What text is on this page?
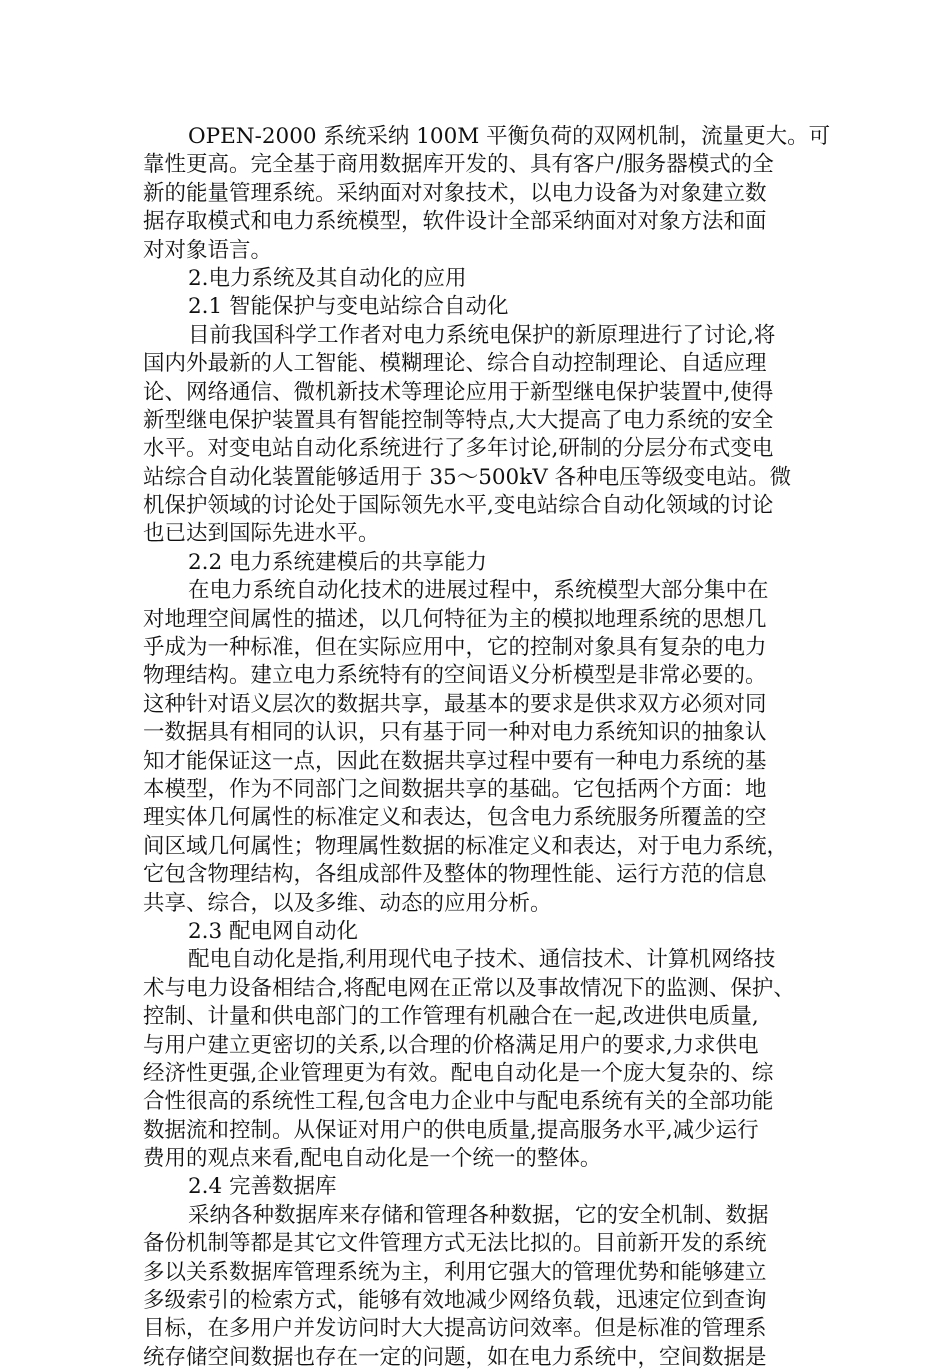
OPEN-2000 系统采纳 100M 平衡负荷的双网机制，流量更大。可
靠性更高。完全基于商用数据库开发的、具有客户/服务器模式的全
新的能量管理系统。采纳面对对象技术，以电力设备为对象建立数
据存取模式和电力系统模型，软件设计全部采纳面对对象方法和面
对对象语言。
2.电力系统及其自动化的应用
2.1 智能保护与变电站综合自动化
目前我国科学工作者对电力系统电保护的新原理进行了讨论,将
国内外最新的人工智能、模糊理论、综合自动控制理论、自适应理
论、网络通信、微机新技术等理论应用于新型继电保护装置中,使得
新型继电保护装置具有智能控制等特点,大大提高了电力系统的安全
水平。对变电站自动化系统进行了多年讨论,研制的分层分布式变电
站综合自动化装置能够适用于 35～500kV 各种电压等级变电站。微
机保护领域的讨论处于国际领先水平,变电站综合自动化领域的讨论
也已达到国际先进水平。
2.2 电力系统建模后的共享能力
在电力系统自动化技术的进展过程中，系统模型大部分集中在
对地理空间属性的描述，以几何特征为主的模拟地理系统的思想几
乎成为一种标准，但在实际应用中，它的控制对象具有复杂的电力
物理结构。建立电力系统特有的空间语义分析模型是非常必要的。
这种针对语义层次的数据共享，最基本的要求是供求双方必须对同
一数据具有相同的认识，只有基于同一种对电力系统知识的抽象认
知才能保证这一点，因此在数据共享过程中要有一种电力系统的基
本模型，作为不同部门之间数据共享的基础。它包括两个方面：地
理实体几何属性的标准定义和表达，包含电力系统服务所覆盖的空
间区域几何属性；物理属性数据的标准定义和表达，对于电力系统，
它包含物理结构，各组成部件及整体的物理性能、运行方范的信息
共享、综合，以及多维、动态的应用分析。
2.3 配电网自动化
配电自动化是指,利用现代电子技术、通信技术、计算机网络技
术与电力设备相结合,将配电网在正常以及事故情况下的监测、保护、
控制、计量和供电部门的工作管理有机融合在一起,改进供电质量,
与用户建立更密切的关系,以合理的价格满足用户的要求,力求供电
经济性更强,企业管理更为有效。配电自动化是一个庞大复杂的、综
合性很高的系统性工程,包含电力企业中与配电系统有关的全部功能
数据流和控制。从保证对用户的供电质量,提高服务水平,减少运行
费用的观点来看,配电自动化是一个统一的整体。
2.4 完善数据库
采纳各种数据库来存储和管理各种数据，它的安全机制、数据
备份机制等都是其它文件管理方式无法比拟的。目前新开发的系统
多以关系数据库管理系统为主，利用它强大的管理优势和能够建立
多级索引的检索方式，能够有效地减少网络负载，迅速定位到查询
目标，在多用户并发访问时大大提高访问效率。但是标准的管理系
统存储空间数据也存在一定的问题，如在电力系统中，空间数据是
